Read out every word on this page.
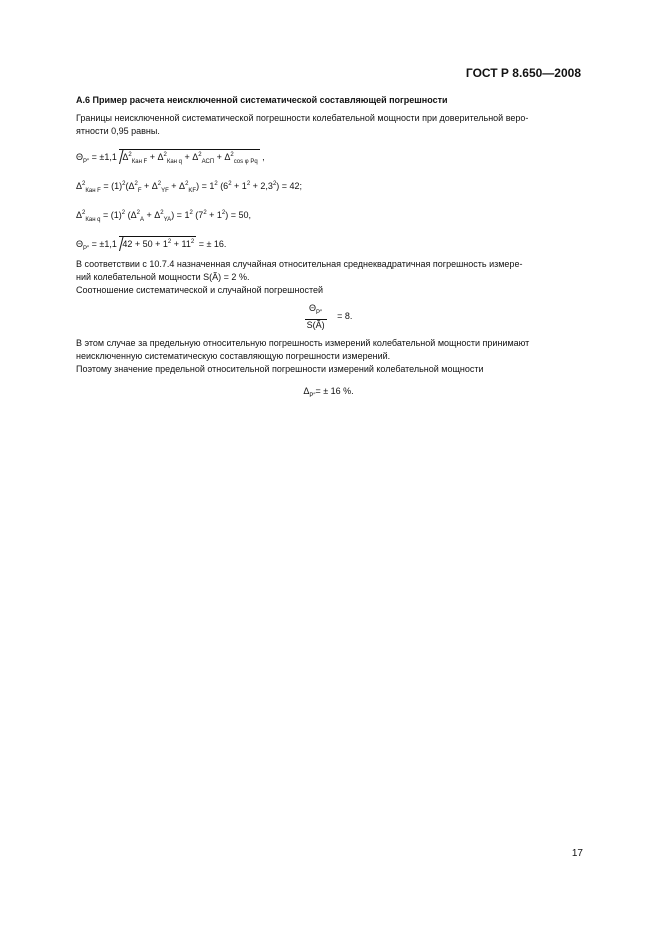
ГОСТ Р 8.650—2008
A.6 Пример расчета неисключенной систематической составляющей погрешности

Границы неисключенной систематической погрешности колебательной мощности при доверительной веро-

ятности 0,95 равны.

$\Theta_{P''} = \pm 1,1$ $\Delta^2_{Кан F} + \Delta^2_{Кан q} + \Delta^2_{АСП} + \Delta^2_{cos \varphi Pq}$ ,
$\Delta^2_{Кан F} = (1)^2(\Delta^2_F + \Delta^2_{YF} + \Delta^2_{KF}) = 1^2$ $(6^2 + 1^2 + 2,3^2) = 42$;
$\Delta^2_{Кан q} = (1)^2$ $(\Delta^2_A + \Delta^2_{YA}) = 1^2$ $(7^2 + 1^2) = 50$,
$\Theta_{P''} = \pm 1,1$ $42 + 50 + 1^2 + 11^2$ = ± 16.

В соответствии с 10.7.4 назначенная случайная относительная среднеквадратичная погрешность измере-

ний колебательной мощности S(Ã) = 2 %.

Соотношение систематической и случайной погрешностей

$\frac{\Theta_{P''}}{S(Ã)} = 8$.

В этом случае за предельную относительную погрешность измерений колебательной мощности принимают

неисключенную систематическую составляющую погрешности измерений.

Поэтому значение предельной относительной погрешности измерений колебательной мощности

$\Delta_{P''}= \pm 16$ %.
17
